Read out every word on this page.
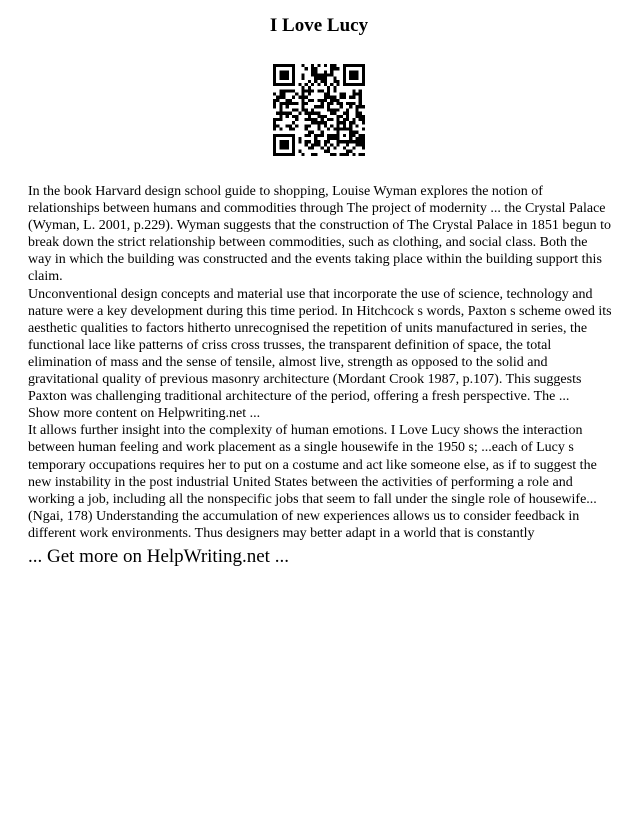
I Love Lucy

In the book Harvard design school guide to shopping, Louise Wyman explores the notion of relationships between humans and commodities through The project of modernity ... the Crystal Palace (Wyman, L. 2001, p.229). Wyman suggests that the construction of The Crystal Palace in 1851 begun to break down the strict relationship between commodities, such as clothing, and social class. Both the way in which the building was constructed and the events taking place within the building support this claim.

Unconventional design concepts and material use that incorporate the use of science, technology and nature were a key development during this time period. In Hitchcock s words, Paxton s scheme owed its aesthetic qualities to factors hitherto unrecognised the repetition of units manufactured in series, the functional lace like patterns of criss cross trusses, the transparent definition of space, the total elimination of mass and the sense of tensile, almost live, strength as opposed to the solid and gravitational quality of previous masonry architecture (Mordant Crook 1987, p.107). This suggests Paxton was challenging traditional architecture of the period, offering a fresh perspective. The ...

Show more content on Helpwriting.net ...

It allows further insight into the complexity of human emotions. I Love Lucy shows the interaction between human feeling and work placement as a single housewife in the 1950 s; ...each of Lucy s temporary occupations requires her to put on a costume and act like someone else, as if to suggest the new instability in the post industrial United States between the activities of performing a role and working a job, including all the nonspecific jobs that seem to fall under the single role of housewife... (Ngai, 178) Understanding the accumulation of new experiences allows us to consider feedback in different work environments. Thus designers may better adapt in a world that is constantly

... Get more on HelpWriting.net ...
